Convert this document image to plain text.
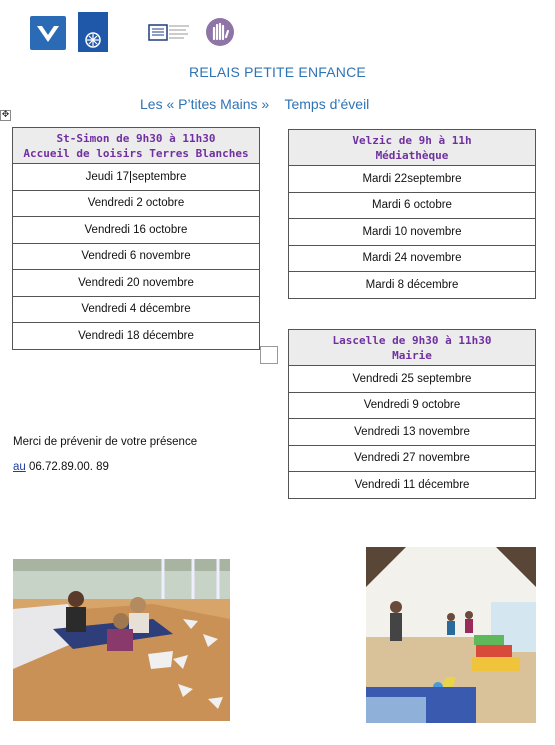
RELAIS PETITE ENFANCE
Les « P’tites Mains »    Temps d’éveil
✥
St-Simon de 9h30 à 11h30
Accueil de loisirs Terres Blanches

Jeudi 17 septembre
Vendredi 2 octobre
Vendredi 16 octobre
Vendredi 6 novembre
Vendredi 20 novembre
Vendredi 4 décembre
Vendredi 18 décembre
Velzic de 9h à 11h
Médiathèque

Mardi 22septembre
Mardi 6 octobre
Mardi 10 novembre
Mardi 24 novembre
Mardi 8 décembre
Lascelle de 9h30 à 11h30
Mairie

Vendredi 25 septembre
Vendredi 9 octobre
Vendredi 13 novembre
Vendredi 27 novembre
Vendredi 11 décembre
Merci de prévenir de votre présence
au 06.72.89.00. 89
